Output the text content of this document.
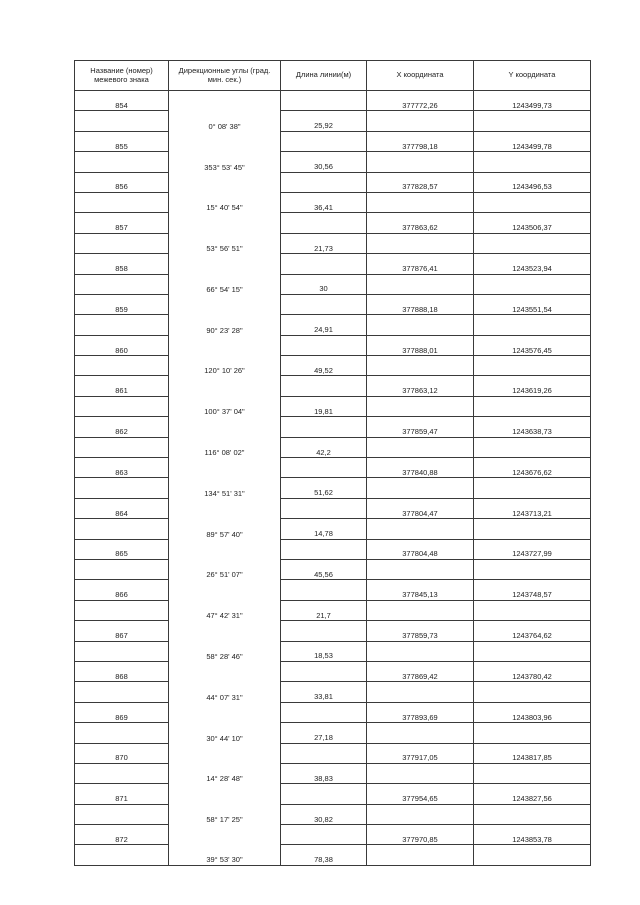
Название (номер) межевого знака	Дирекционные углы (град. мин. сек.)	Длина линии(м)	X координата	Y координата
854			377772,26	1243499,73
	0° 08' 38"	25,92		
855			377798,18	1243499,78
	353° 53' 45"	30,56		
856			377828,57	1243496,53
	15° 40' 54"	36,41		
857			377863,62	1243506,37
	53° 56' 51"	21,73		
858			377876,41	1243523,94
	66° 54' 15"	30		
859			377888,18	1243551,54
	90° 23' 28"	24,91		
860			377888,01	1243576,45
	120° 10' 26"	49,52		
861			377863,12	1243619,26
	100° 37' 04"	19,81		
862			377859,47	1243638,73
	116° 08' 02"	42,2		
863			377840,88	1243676,62
	134° 51' 31"	51,62		
864			377804,47	1243713,21
	89° 57' 40"	14,78		
865			377804,48	1243727,99
	26° 51' 07"	45,56		
866			377845,13	1243748,57
	47° 42' 31"	21,7		
867			377859,73	1243764,62
	58° 28' 46"	18,53		
868			377869,42	1243780,42
	44° 07' 31"	33,81		
869			377893,69	1243803,96
	30° 44' 10"	27,18		
870			377917,05	1243817,85
	14° 28' 48"	38,83		
871			377954,65	1243827,56
	58° 17' 25"	30,82		
872			377970,85	1243853,78
	39° 53' 30"	78,38		
